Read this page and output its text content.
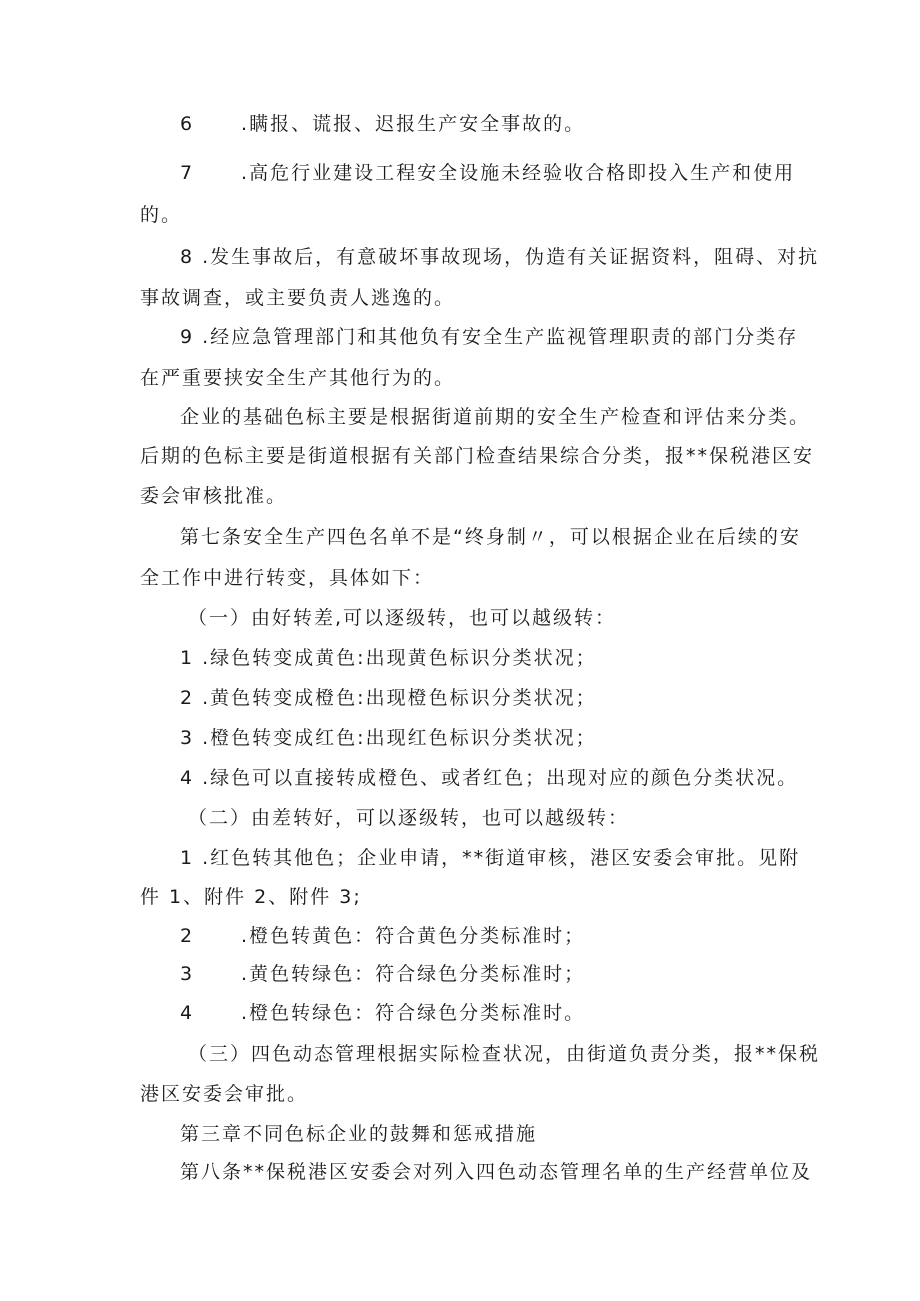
6 .瞒报、谎报、迟报生产安全事故的。
7 .高危行业建设工程安全设施未经验收合格即投入生产和使用
的。
8 .发生事故后，有意破坏事故现场，伪造有关证据资料，阻碍、对抗
事故调查，或主要负责人逃逸的。
9 .经应急管理部门和其他负有安全生产监视管理职责的部门分类存
在严重要挟安全生产其他行为的。
企业的基础色标主要是根据街道前期的安全生产检查和评估来分类。
后期的色标主要是街道根据有关部门检查结果综合分类，报**保税港区安
委会审核批准。
第七条安全生产四色名单不是“终身制〃，可以根据企业在后续的安
全工作中进行转变，具体如下：
（一）由好转差,可以逐级转，也可以越级转：
1 .绿色转变成黄色:出现黄色标识分类状况；
2 .黄色转变成橙色:出现橙色标识分类状况；
3 .橙色转变成红色:出现红色标识分类状况；
4 .绿色可以直接转成橙色、或者红色；出现对应的颜色分类状况。
（二）由差转好，可以逐级转，也可以越级转：
1 .红色转其他色；企业申请，**街道审核，港区安委会审批。见附
件 1、附件 2、附件 3;
2 .橙色转黄色：符合黄色分类标准时；
3 .黄色转绿色：符合绿色分类标准时；
4 .橙色转绿色：符合绿色分类标准时。
（三）四色动态管理根据实际检查状况，由街道负责分类，报**保税
港区安委会审批。
第三章不同色标企业的鼓舞和惩戒措施
第八条**保税港区安委会对列入四色动态管理名单的生产经营单位及
